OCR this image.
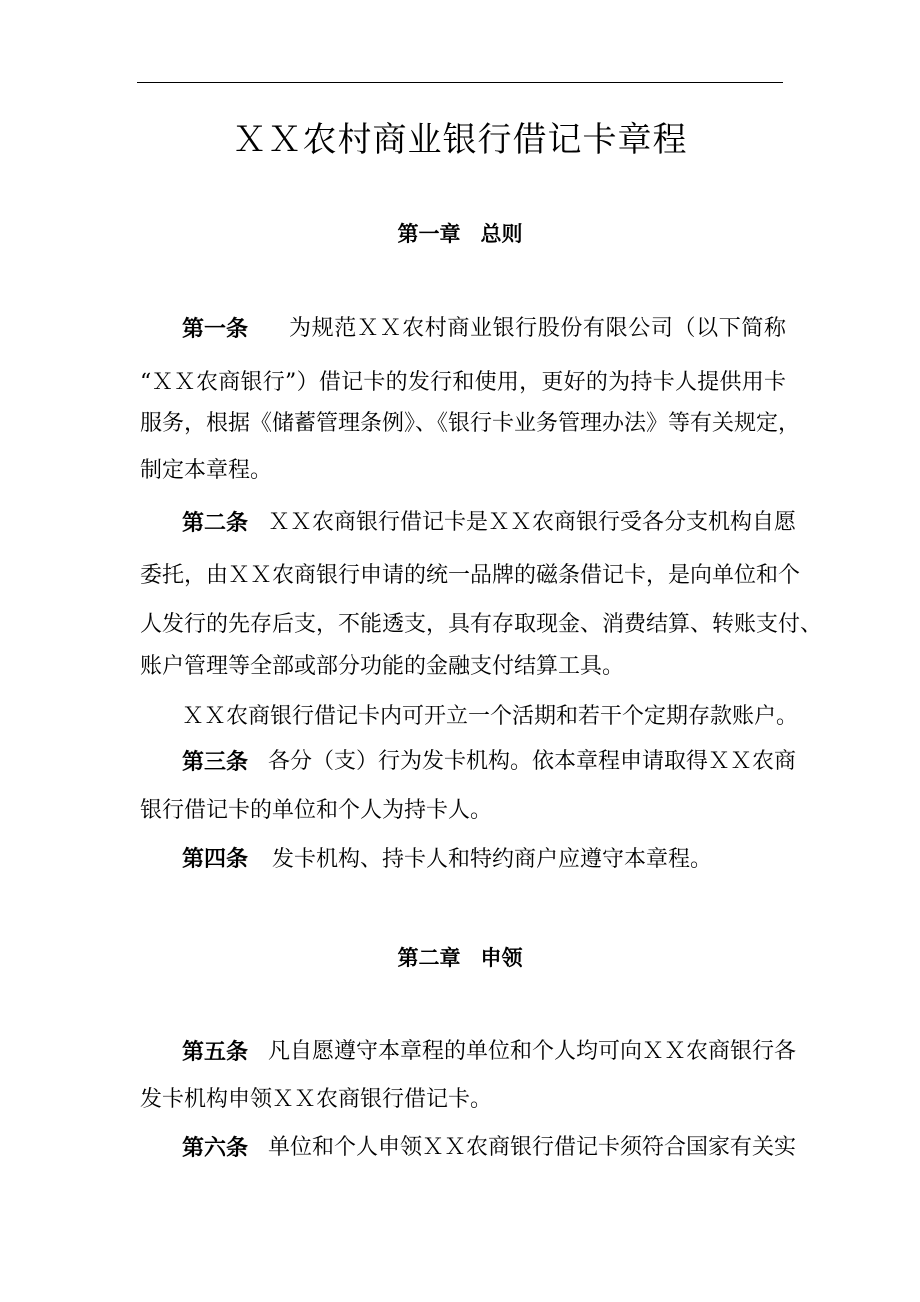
ＸＸ农村商业银行借记卡章程
第一章 总则
第一条 为规范ＸＸ农村商业银行股份有限公司（以下简称
“ＸＸ农商银行”）借记卡的发行和使用，更好的为持卡人提供用卡
服务，根据《储蓄管理条例》、《银行卡业务管理办法》等有关规定，
制定本章程。
第二条 ＸＸ农商银行借记卡是ＸＸ农商银行受各分支机构自愿
委托，由ＸＸ农商银行申请的统一品牌的磁条借记卡，是向单位和个
人发行的先存后支，不能透支，具有存取现金、消费结算、转账支付、
账户管理等全部或部分功能的金融支付结算工具。
ＸＸ农商银行借记卡内可开立一个活期和若干个定期存款账户。
第三条 各分（支）行为发卡机构。依本章程申请取得ＸＸ农商
银行借记卡的单位和个人为持卡人。
第四条 发卡机构、持卡人和特约商户应遵守本章程。
第二章 申领
第五条 凡自愿遵守本章程的单位和个人均可向ＸＸ农商银行各
发卡机构申领ＸＸ农商银行借记卡。
第六条 单位和个人申领ＸＸ农商银行借记卡须符合国家有关实
